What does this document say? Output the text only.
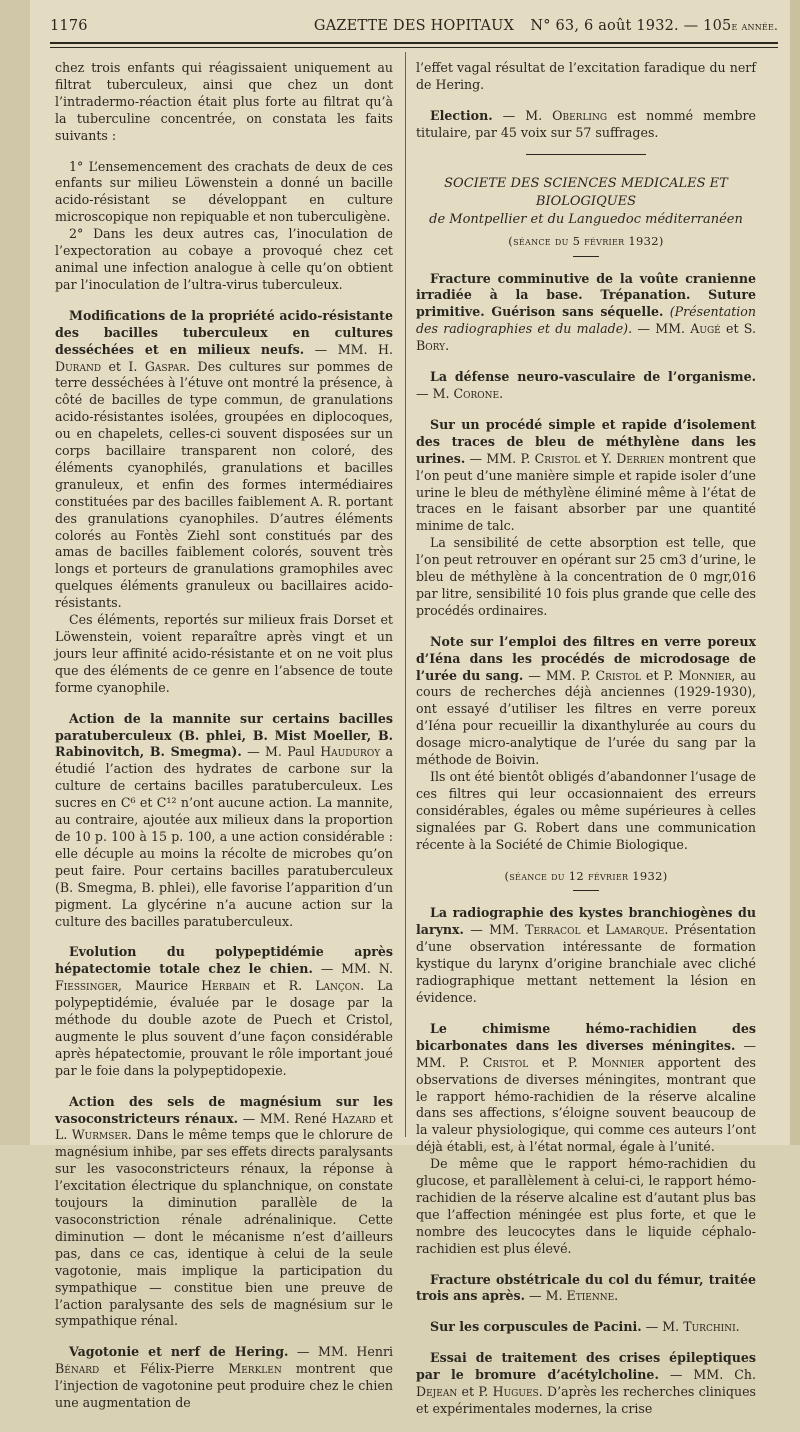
1176	GAZETTE DES HOPITAUX	N° 63, 6 août 1932. — 105e année.

chez trois enfants qui réagissaient uniquement au filtrat tuberculeux, ainsi que chez un dont l’intradermo-réaction était plus forte au filtrat qu’à la tuberculine concentrée, on constata les faits suivants :

1° L’ensemencement des crachats de deux de ces enfants sur milieu Löwenstein a donné un bacille acido-résistant se développant en culture microscopique non repiquable et non tuberculigène.

2° Dans les deux autres cas, l’inoculation de l’expectoration au cobaye a provoqué chez cet animal une infection analogue à celle qu’on obtient par l’inoculation de l’ultra-virus tuberculeux.

Modifications de la propriété acido-résistante des bacilles tuberculeux en cultures desséchées et en milieux neufs. — MM. H. Durand et I. Gaspar. Des cultures sur pommes de terre desséchées à l’étuve ont montré la présence, à côté de bacilles de type commun, de granulations acido-résistantes isolées, groupées en diplocoques, ou en chapelets, celles-ci souvent disposées sur un corps bacillaire transparent non coloré, des éléments cyanophilés, granulations et bacilles granuleux, et enfin des formes intermédiaires constituées par des bacilles faiblement A. R. portant des granulations cyanophiles. D’autres éléments colorés au Fontès Ziehl sont constitués par des amas de bacilles faiblement colorés, souvent très longs et porteurs de granulations gramophiles avec quelques éléments granuleux ou bacillaires acido-résistants.

Ces éléments, reportés sur milieux frais Dorset et Löwenstein, voient reparaître après vingt et un jours leur affinité acido-résistante et on ne voit plus que des éléments de ce genre en l’absence de toute forme cyanophile.

Action de la mannite sur certains bacilles paratuberculeux (B. phlei, B. Mist Moeller, B. Rabinovitch, B. Smegma). — M. Paul Hauduroy a étudié l’action des hydrates de carbone sur la culture de certains bacilles paratuberculeux. Les sucres en C⁶ et C¹² n’ont aucune action. La mannite, au contraire, ajoutée aux milieux dans la proportion de 10 p. 100 à 15 p. 100, a une action considérable : elle décuple au moins la récolte de microbes qu’on peut faire. Pour certains bacilles paratuberculeux (B. Smegma, B. phlei), elle favorise l’apparition d’un pigment. La glycérine n’a aucune action sur la culture des bacilles paratuberculeux.

Evolution du polypeptidémie après hépatectomie totale chez le chien. — MM. N. Fiessinger, Maurice Herbain et R. Lançon. La polypeptidémie, évaluée par le dosage par la méthode du double azote de Puech et Cristol, augmente le plus souvent d’une façon considérable après hépatectomie, prouvant le rôle important joué par le foie dans la polypeptidopexie.

Action des sels de magnésium sur les vasoconstricteurs rénaux. — MM. René Hazard et L. Wurmser. Dans le même temps que le chlorure de magnésium inhibe, par ses effets directs paralysants sur les vasoconstricteurs rénaux, la réponse à l’excitation électrique du splanchnique, on constate toujours la diminution parallèle de la vasoconstriction rénale adrénalinique. Cette diminution — dont le mécanisme n’est d’ailleurs pas, dans ce cas, identique à celui de la seule vagotonie, mais implique la participation du sympathique — constitue bien une preuve de l’action paralysante des sels de magnésium sur le sympathique rénal.

Vagotonie et nerf de Hering. — MM. Henri Bénard et Félix-Pierre Merklen montrent que l’injection de vagotonine peut produire chez le chien une augmentation de

l’effet vagal résultat de l’excitation faradique du nerf de Hering.

Election. — M. Oberling est nommé membre titulaire, par 45 voix sur 57 suffrages.

SOCIETE DES SCIENCES MEDICALES ET BIOLOGIQUES
de Montpellier et du Languedoc méditerranéen
(séance du 5 février 1932)

Fracture comminutive de la voûte cranienne irradiée à la base. Trépanation. Suture primitive. Guérison sans séquelle. (Présentation des radiographies et du malade). — MM. Augé et S. Bory.

La défense neuro-vasculaire de l’organisme. — M. Corone.

Sur un procédé simple et rapide d’isolement des traces de bleu de méthylène dans les urines. — MM. P. Cristol et Y. Derrien montrent que l’on peut d’une manière simple et rapide isoler d’une urine le bleu de méthylène éliminé même à l’état de traces en le faisant absorber par une quantité minime de talc.

La sensibilité de cette absorption est telle, que l’on peut retrouver en opérant sur 25 cm3 d’urine, le bleu de méthylène à la concentration de 0 mgr,016 par litre, sensibilité 10 fois plus grande que celle des procédés ordinaires.

Note sur l’emploi des filtres en verre poreux d’Iéna dans les procédés de microdosage de l’urée du sang. — MM. P. Cristol et P. Monnier, au cours de recherches déjà anciennes (1929-1930), ont essayé d’utiliser les filtres en verre poreux d’Iéna pour recueillir la dixanthylurée au cours du dosage micro-analytique de l’urée du sang par la méthode de Boivin.

Ils ont été bientôt obligés d’abandonner l’usage de ces filtres qui leur occasionnaient des erreurs considérables, égales ou même supérieures à celles signalées par G. Robert dans une communication récente à la Société de Chimie Biologique.

(séance du 12 février 1932)

La radiographie des kystes branchiogènes du larynx. — MM. Terracol et Lamarque. Présentation d’une observation intéressante de formation kystique du larynx d’origine branchiale avec cliché radiographique mettant nettement la lésion en évidence.

Le chimisme hémo-rachidien des bicarbonates dans les diverses méningites. — MM. P. Cristol et P. Monnier apportent des observations de diverses méningites, montrant que le rapport hémo-rachidien de la réserve alcaline dans ses affections, s’éloigne souvent beaucoup de la valeur physiologique, qui comme ces auteurs l’ont déjà établi, est, à l’état normal, égale à l’unité.

De même que le rapport hémo-rachidien du glucose, et parallèlement à celui-ci, le rapport hémo-rachidien de la réserve alcaline est d’autant plus bas que l’affection méningée est plus forte, et que le nombre des leucocytes dans le liquide céphalo-rachidien est plus élevé.

Fracture obstétricale du col du fémur, traitée trois ans après. — M. Etienne.

Sur les corpuscules de Pacini. — M. Turchini.

Essai de traitement des crises épileptiques par le bromure d’acétylcholine. — MM. Ch. Dejean et P. Hugues. D’après les recherches cliniques et expérimentales modernes, la crise
